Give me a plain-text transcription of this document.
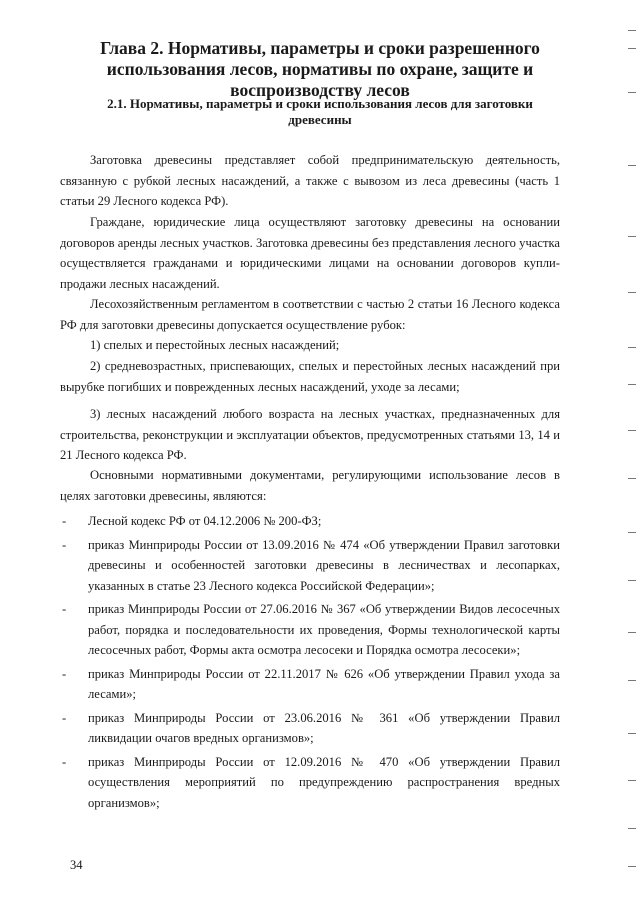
Глава 2. Нормативы, параметры и сроки разрешенного использования лесов, нормативы по охране, защите и воспроизводству лесов
2.1. Нормативы, параметры и сроки использования лесов для заготовки древесины

Заготовка древесины представляет собой предпринимательскую деятельность, связанную с рубкой лесных насаждений, а также с вывозом из леса древесины (часть 1 статьи 29 Лесного кодекса РФ).

Граждане, юридические лица осуществляют заготовку древесины на основании договоров аренды лесных участков. Заготовка древесины без представления лесного участка осуществляется гражданами и юридическими лицами на основании договоров купли-продажи лесных насаждений.

Лесохозяйственным регламентом в соответствии с частью 2 статьи 16 Лесного кодекса РФ для заготовки древесины допускается осуществление рубок:

1) спелых и перестойных лесных насаждений;

2) средневозрастных, приспевающих, спелых и перестойных лесных насаждений при вырубке погибших и поврежденных лесных насаждений, уходе за лесами;

3) лесных насаждений любого возраста на лесных участках, предназначенных для строительства, реконструкции и эксплуатации объектов, предусмотренных статьями 13, 14 и 21 Лесного кодекса РФ.

Основными нормативными документами, регулирующими использование лесов в целях заготовки древесины, являются:

- Лесной кодекс РФ от 04.12.2006 № 200-ФЗ;
- приказ Минприроды России от 13.09.2016 № 474 «Об утверждении Правил заготовки древесины и особенностей заготовки древесины в лесничествах и лесопарках, указанных в статье 23 Лесного кодекса Российской Федерации»;
- приказ Минприроды России от 27.06.2016 № 367 «Об утверждении Видов лесосечных работ, порядка и последовательности их проведения, Формы технологической карты лесосечных работ, Формы акта осмотра лесосеки и Порядка осмотра лесосеки»;
- приказ Минприроды России от 22.11.2017 № 626 «Об утверждении Правил ухода за лесами»;
- приказ Минприроды России от 23.06.2016 № 361 «Об утверждении Правил ликвидации очагов вредных организмов»;
- приказ Минприроды России от 12.09.2016 № 470 «Об утверждении Правил осуществления мероприятий по предупреждению распространения вредных организмов»;
34
